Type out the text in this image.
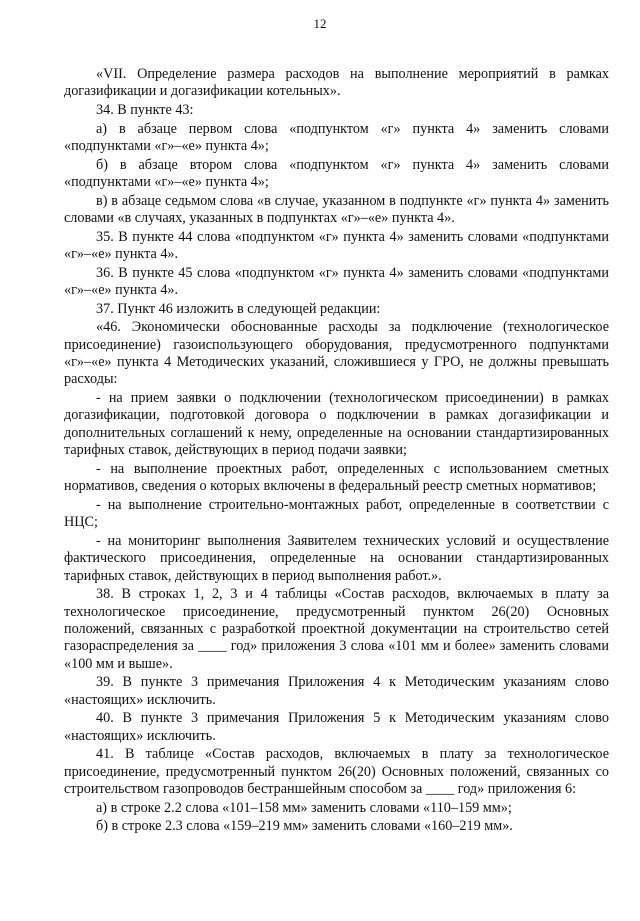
12

«VII. Определение размера расходов на выполнение мероприятий в рамках догазификации и догазификации котельных».

34. В пункте 43:

а) в абзаце первом слова «подпунктом «г» пункта 4» заменить словами «подпунктами «г»–«е» пункта 4»;

б) в абзаце втором слова «подпунктом «г» пункта 4» заменить словами «подпунктами «г»–«е» пункта 4»;

в) в абзаце седьмом слова «в случае, указанном в подпункте «г» пункта 4» заменить словами «в случаях, указанных в подпунктах «г»–«е» пункта 4».

35. В пункте 44 слова «подпунктом «г» пункта 4» заменить словами «подпунктами «г»–«е» пункта 4».

36. В пункте 45 слова «подпунктом «г» пункта 4» заменить словами «подпунктами «г»–«е» пункта 4».

37. Пункт 46 изложить в следующей редакции:

«46. Экономически обоснованные расходы за подключение (технологическое присоединение) газоиспользующего оборудования, предусмотренного подпунктами «г»–«е» пункта 4 Методических указаний, сложившиеся у ГРО, не должны превышать расходы:

- на прием заявки о подключении (технологическом присоединении) в рамках догазификации, подготовкой договора о подключении в рамках догазификации и дополнительных соглашений к нему, определенные на основании стандартизированных тарифных ставок, действующих в период подачи заявки;

- на выполнение проектных работ, определенных с использованием сметных нормативов, сведения о которых включены в федеральный реестр сметных нормативов;

- на выполнение строительно-монтажных работ, определенные в соответствии с НЦС;

- на мониторинг выполнения Заявителем технических условий и осуществление фактического присоединения, определенные на основании стандартизированных тарифных ставок, действующих в период выполнения работ.».

38. В строках 1, 2, 3 и 4 таблицы «Состав расходов, включаемых в плату за технологическое присоединение, предусмотренный пунктом 26(20) Основных положений, связанных с разработкой проектной документации на строительство сетей газораспределения за ____ год» приложения 3 слова «101 мм и более» заменить словами «100 мм и выше».

39. В пункте 3 примечания Приложения 4 к Методическим указаниям слово «настоящих» исключить.

40. В пункте 3 примечания Приложения 5 к Методическим указаниям слово «настоящих» исключить.

41. В таблице «Состав расходов, включаемых в плату за технологическое присоединение, предусмотренный пунктом 26(20) Основных положений, связанных со строительством газопроводов бестраншейным способом за ____ год» приложения 6:

а) в строке 2.2 слова «101–158 мм» заменить словами «110–159 мм»;

б) в строке 2.3 слова «159–219 мм» заменить словами «160–219 мм».
